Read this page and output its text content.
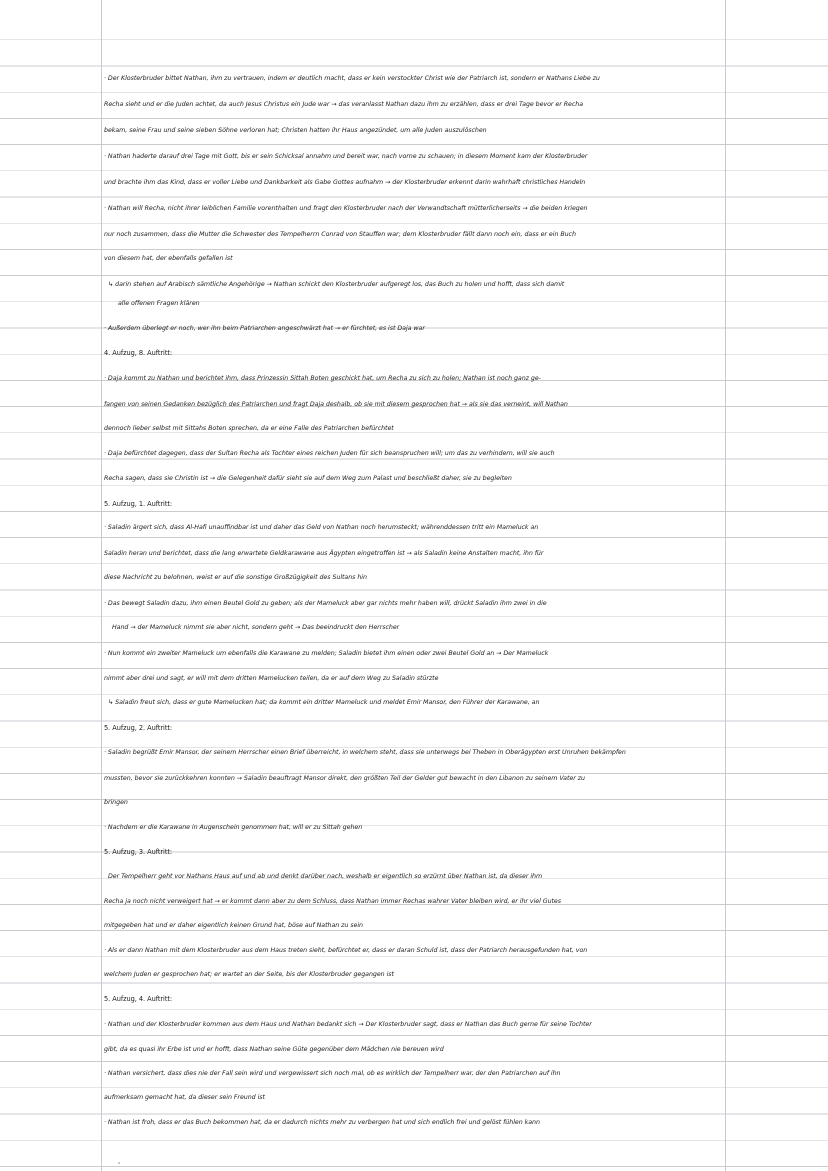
· Der Klosterbruder bittet Nathan, ihm zu vertrauen, indem er deutlich macht, dass er kein verstockter Christ wie der Patriarch ist, sondern er Nathans Liebe zu
Recha sieht und er die Juden achtet, da auch Jesus Christus ein Jude war → das veranlasst Nathan dazu ihm zu erzählen, dass er drei Tage bevor er Recha
bekam, seine Frau und seine sieben Söhne verloren hat; Christen hatten ihr Haus angezündet, um alle Juden auszulöschen
· Nathan haderte darauf drei Tage mit Gott, bis er sein Schicksal annahm und bereit war, nach vorne zu schauen; in diesem Moment kam der Klosterbruder
und brachte ihm das Kind, dass er voller Liebe und Dankbarkeit als Gabe Gottes aufnahm → der Klosterbruder erkennt darin wahrhaft christliches Handeln
· Nathan will Recha, nicht ihrer leiblichen Familie vorenthalten und fragt den Klosterbruder nach der Verwandtschaft mütterlicherseits → die beiden kriegen
nur noch zusammen, dass die Mutter die Schwester des Tempelherrn Conrad von Stauffen war; dem Klosterbruder fällt dann noch ein, dass er ein Buch
von diesem hat, der ebenfalls gefallen ist
↳ darin stehen auf Arabisch sämtliche Angehörige → Nathan schickt den Klosterbruder aufgeregt los, das Buch zu holen und hofft, dass sich damit
alle offenen Fragen klären
· Außerdem überlegt er noch, wer ihn beim Patriarchen angeschwärzt hat → er fürchtet, es ist Daja war
4. Aufzug, 8. Auftritt:
· Daja kommt zu Nathan und berichtet ihm, dass Prinzessin Sittah Boten geschickt hat, um Recha zu sich zu holen; Nathan ist noch ganz ge-
fangen von seinen Gedanken bezüglich des Patriarchen und fragt Daja deshalb, ob sie mit diesem gesprochen hat → als sie das verneint, will Nathan
dennoch lieber selbst mit Sittahs Boten sprechen, da er eine Falle des Patriarchen befürchtet
· Daja befürchtet dagegen, dass der Sultan Recha als Tochter eines reichen Juden für sich beanspruchen will; um das zu verhindern, will sie auch
Recha sagen, dass sie Christin ist → die Gelegenheit dafür sieht sie auf dem Weg zum Palast und beschließt daher, sie zu begleiten
5. Aufzug, 1. Auftritt:
· Saladin ärgert sich, dass Al-Hafi unauffindbar ist und daher das Geld von Nathan noch herumsteckt; währenddessen tritt ein Mameluck an
Saladin heran und berichtet, dass die lang erwartete Geldkarawane aus Ägypten eingetroffen ist → als Saladin keine Anstalten macht, ihn für
diese Nachricht zu belohnen, weist er auf die sonstige Großzügigkeit des Sultans hin
· Das bewegt Saladin dazu, ihm einen Beutel Gold zu geben; als der Mameluck aber gar nichts mehr haben will, drückt Saladin ihm zwei in die
Hand → der Mameluck nimmt sie aber nicht, sondern geht → Das beeindruckt den Herrscher
· Nun kommt ein zweiter Mameluck um ebenfalls die Karawane zu melden; Saladin bietet ihm einen oder zwei Beutel Gold an → Der Mameluck
nimmt aber drei und sagt, er will mit dem dritten Mamelucken teilen, da er auf dem Weg zu Saladin stürzte
↳ Saladin freut sich, dass er gute Mamelucken hat; da kommt ein dritter Mameluck und meldet Emir Mansor, den Führer der Karawane, an
5. Aufzug, 2. Auftritt:
· Saladin begrüßt Emir Mansor, der seinem Herrscher einen Brief überreicht, in welchem steht, dass sie unterwegs bei Theben in Oberägypten erst Unruhen bekämpfen
mussten, bevor sie zurückkehren konnten → Saladin beauftragt Mansor direkt, den größten Teil der Gelder gut bewacht in den Libanon zu seinem Vater zu
bringen
· Nachdem er die Karawane in Augenschein genommen hat, will er zu Sittah gehen
5. Aufzug, 3. Auftritt:
Der Tempelherr geht vor Nathans Haus auf und ab und denkt darüber nach, weshalb er eigentlich so erzürnt über Nathan ist, da dieser ihm
Recha ja noch nicht verweigert hat → er kommt dann aber zu dem Schluss, dass Nathan immer Rechas wahrer Vater bleiben wird, er ihr viel Gutes
mitgegeben hat und er daher eigentlich keinen Grund hat, böse auf Nathan zu sein
· Als er dann Nathan mit dem Klosterbruder aus dem Haus treten sieht, befürchtet er, dass er daran Schuld ist, dass der Patriarch herausgefunden hat, von
welchem Juden er gesprochen hat; er wartet an der Seite, bis der Klosterbruder gegangen ist
5. Aufzug, 4. Auftritt:
· Nathan und der Klosterbruder kommen aus dem Haus und Nathan bedankt sich → Der Klosterbruder sagt, dass er Nathan das Buch gerne für seine Tochter
gibt, da es quasi ihr Erbe ist und er hofft, dass Nathan seine Güte gegenüber dem Mädchen nie bereuen wird
· Nathan versichert, dass dies nie der Fall sein wird und vergewissert sich noch mal, ob es wirklich der Tempelherr war, der den Patriarchen auf ihn
aufmerksam gemacht hat, da dieser sein Freund ist
· Nathan ist froh, dass er das Buch bekommen hat, da er dadurch nichts mehr zu verbergen hat und sich endlich frei und gelöst fühlen kann
